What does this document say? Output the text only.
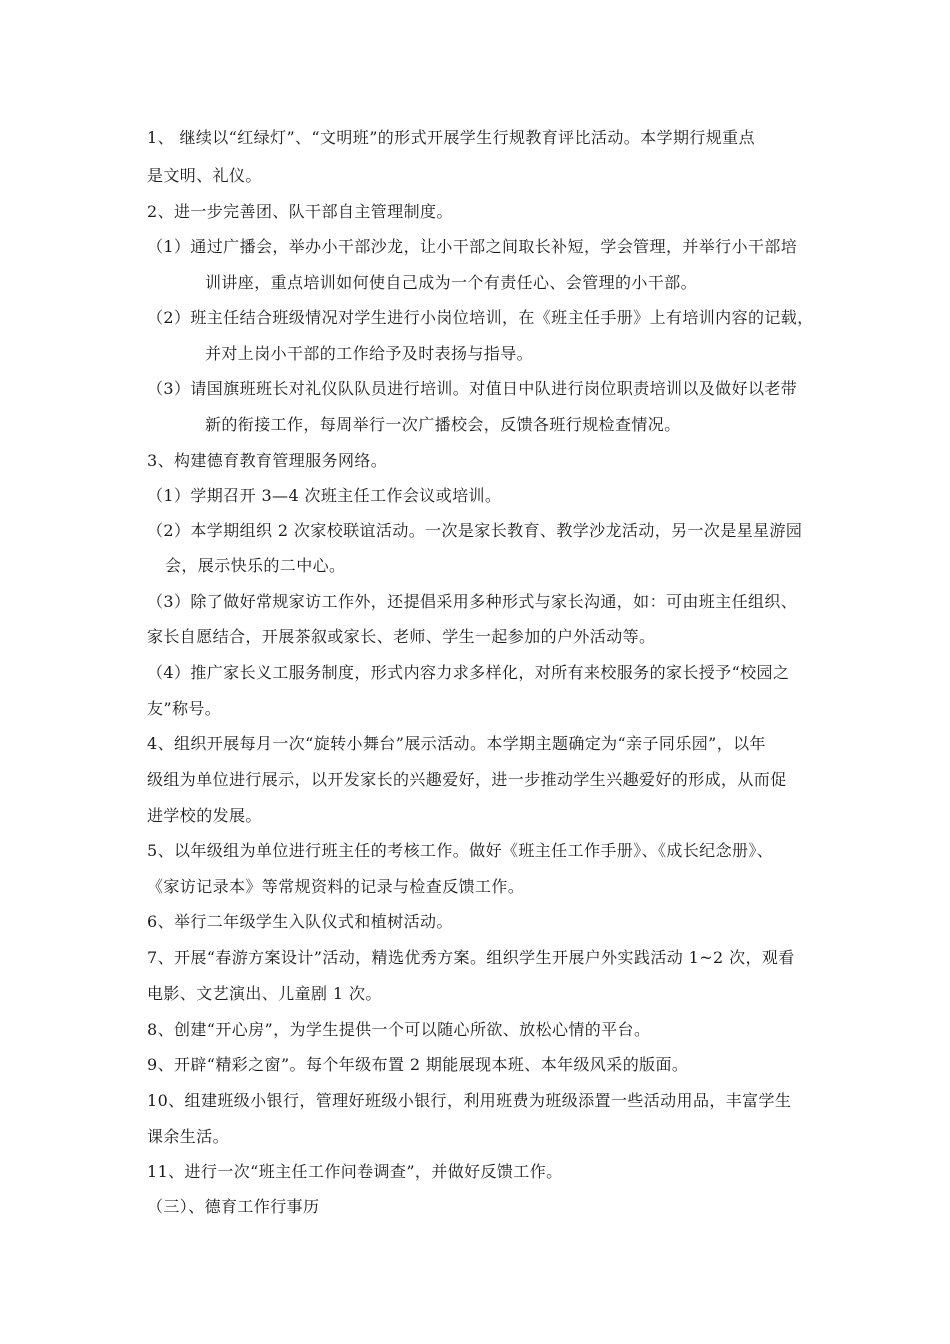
1、 继续以“红绿灯”、“文明班”的形式开展学生行规教育评比活动。本学期行规重点
是文明、礼仪。
2、进一步完善团、队干部自主管理制度。
（1）通过广播会，举办小干部沙龙，让小干部之间取长补短，学会管理，并举行小干部培
训讲座，重点培训如何使自己成为一个有责任心、会管理的小干部。
（2）班主任结合班级情况对学生进行小岗位培训，在《班主任手册》上有培训内容的记载，
并对上岗小干部的工作给予及时表扬与指导。
（3）请国旗班班长对礼仪队队员进行培训。对值日中队进行岗位职责培训以及做好以老带
新的衔接工作，每周举行一次广播校会，反馈各班行规检查情况。
3、构建德育教育管理服务网络。
（1）学期召开 3—4 次班主任工作会议或培训。
（2）本学期组织 2 次家校联谊活动。一次是家长教育、教学沙龙活动，另一次是星星游园
会，展示快乐的二中心。
（3）除了做好常规家访工作外，还提倡采用多种形式与家长沟通，如：可由班主任组织、
家长自愿结合，开展茶叙或家长、老师、学生一起参加的户外活动等。
（4）推广家长义工服务制度，形式内容力求多样化，对所有来校服务的家长授予“校园之
友”称号。
4、组织开展每月一次“旋转小舞台”展示活动。本学期主题确定为“亲子同乐园”，以年
级组为单位进行展示，以开发家长的兴趣爱好，进一步推动学生兴趣爱好的形成，从而促
进学校的发展。
5、以年级组为单位进行班主任的考核工作。做好《班主任工作手册》、《成长纪念册》、
《家访记录本》等常规资料的记录与检查反馈工作。
6、举行二年级学生入队仪式和植树活动。
7、开展“春游方案设计”活动，精选优秀方案。组织学生开展户外实践活动 1~2 次，观看
电影、文艺演出、儿童剧 1 次。
8、创建“开心房”，为学生提供一个可以随心所欲、放松心情的平台。
9、开辟“精彩之窗”。每个年级布置 2 期能展现本班、本年级风采的版面。
10、组建班级小银行，管理好班级小银行，利用班费为班级添置一些活动用品，丰富学生
课余生活。
11、进行一次“班主任工作问卷调查”，并做好反馈工作。
（三）、德育工作行事历
